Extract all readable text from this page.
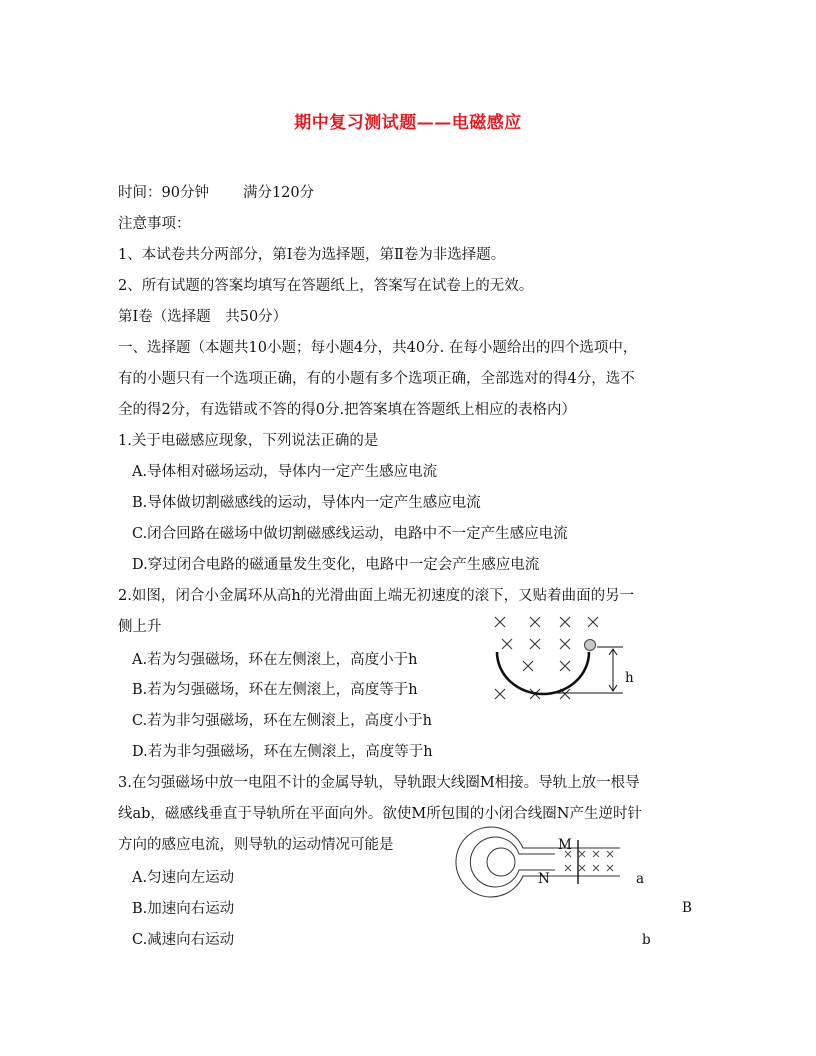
期中复习测试题——电磁感应
时间：90分钟 满分120分
注意事项：
1、本试卷共分两部分，第Ⅰ卷为选择题，第Ⅱ卷为非选择题。
2、所有试题的答案均填写在答题纸上，答案写在试卷上的无效。
第Ⅰ卷（选择题　共50分）
一、选择题（本题共10小题；每小题4分，共40分. 在每小题给出的四个选项中，
有的小题只有一个选项正确，有的小题有多个选项正确，全部选对的得4分，选不
全的得2分，有选错或不答的得0分.把答案填在答题纸上相应的表格内）
1.关于电磁感应现象，下列说法正确的是
A.导体相对磁场运动，导体内一定产生感应电流
B.导体做切割磁感线的运动，导体内一定产生感应电流
C.闭合回路在磁场中做切割磁感线运动，电路中不一定产生感应电流
D.穿过闭合电路的磁通量发生变化，电路中一定会产生感应电流
2.如图，闭合小金属环从高h的光滑曲面上端无初速度的滚下，又贴着曲面的另一
侧上升
A.若为匀强磁场，环在左侧滚上，高度小于h
B.若为匀强磁场，环在左侧滚上，高度等于h
C.若为非匀强磁场，环在左侧滚上，高度小于h
D.若为非匀强磁场，环在左侧滚上，高度等于h
h
3.在匀强磁场中放一电阻不计的金属导轨，导轨跟大线圈M相接。导轨上放一根导
线ab，磁感线垂直于导轨所在平面向外。欲使M所包围的小闭合线圈N产生逆时针
方向的感应电流，则导轨的运动情况可能是
A.匀速向左运动
B.加速向右运动
C.减速向右运动
M
N	a
B
b
